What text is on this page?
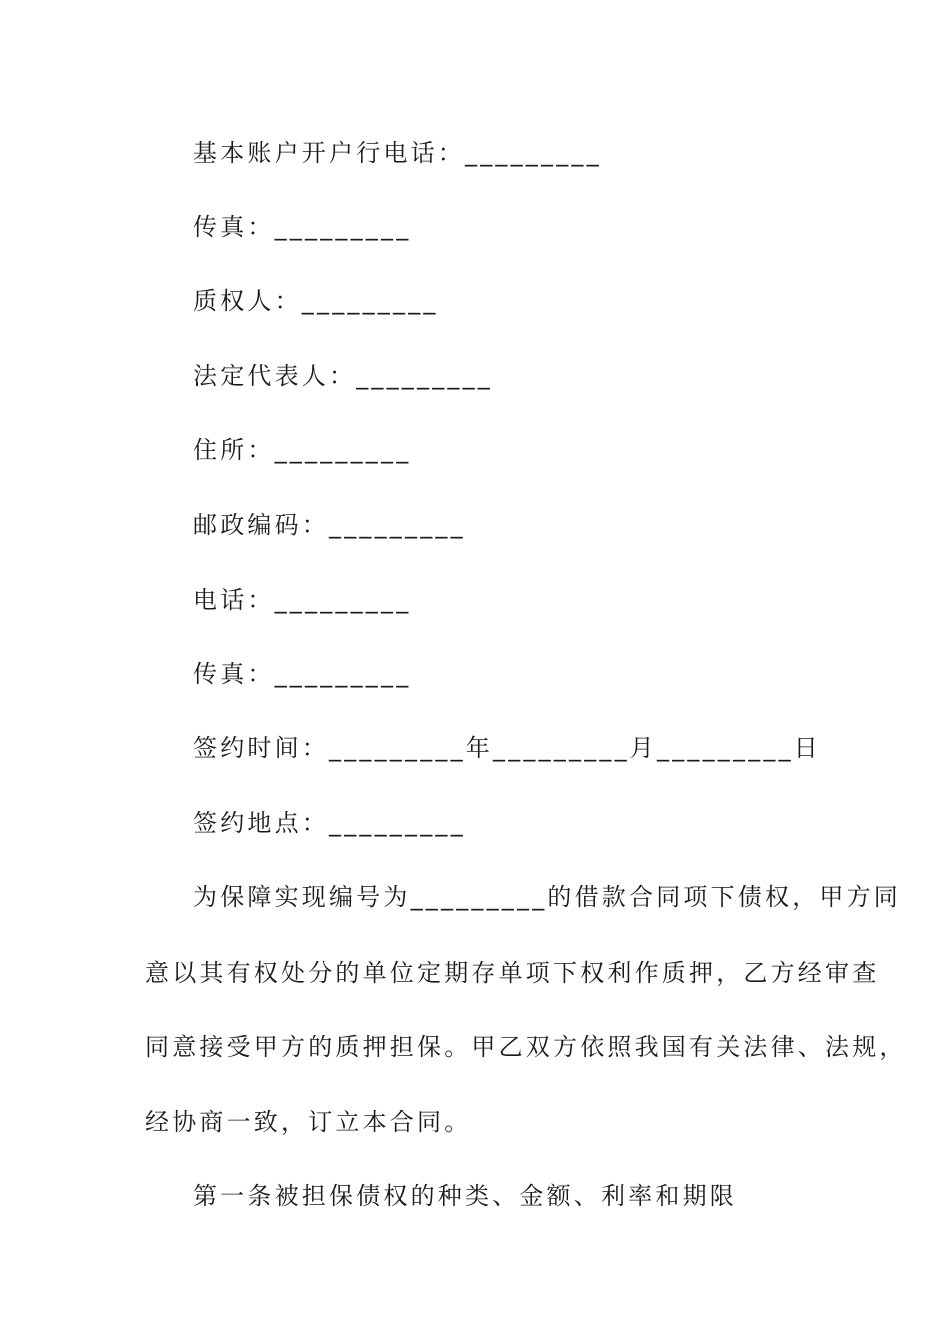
基本账户开户行电话：_________
传真：_________
质权人：_________
法定代表人：_________
住所：_________
邮政编码：_________
电话：_________
传真：_________
签约时间：_________年_________月_________日
签约地点：_________
为保障实现编号为_________的借款合同项下债权，甲方同
意以其有权处分的单位定期存单项下权利作质押，乙方经审查
同意接受甲方的质押担保。甲乙双方依照我国有关法律、法规，
经协商一致，订立本合同。
第一条被担保债权的种类、金额、利率和期限
